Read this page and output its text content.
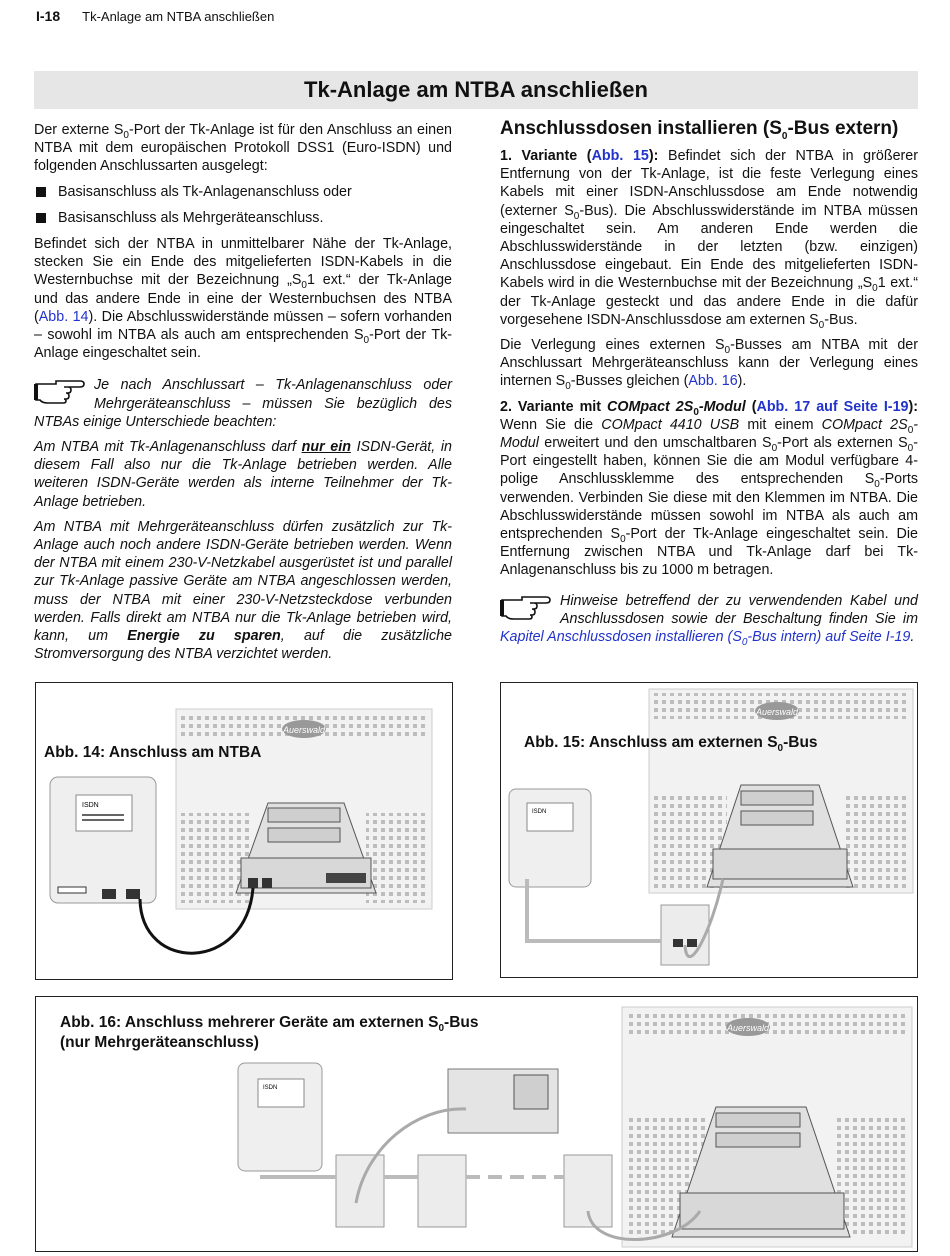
I-18 Tk-Anlage am NTBA anschließen
Tk-Anlage am NTBA anschließen

Der externe $S_0$-Port der Tk-Anlage ist für den Anschluss an einen NTBA mit dem europäischen Protokoll DSS1 (Euro-ISDN) und folgenden Anschlussarten ausgelegt:

Basisanschluss als Tk-Anlagenanschluss oder
Basisanschluss als Mehrgeräteanschluss.

Befindet sich der NTBA in unmittelbarer Nähe der Tk-Anlage, stecken Sie ein Ende des mitgelieferten ISDN-Kabels in die Westernbuchse mit der Bezeichnung $„S_01$ ext.“ der Tk-Anlage und das andere Ende in eine der Westernbuchsen des NTBA (Abb. 14). Die Abschlusswiderstände müssen – sofern vorhanden – sowohl im NTBA als auch am entsprechenden $S_0$-Port der Tk-Anlage eingeschaltet sein.

Je nach Anschlussart – Tk-Anlagenanschluss oder Mehrgeräteanschluss – müssen Sie bezüglich des NTBAs einige Unterschiede beachten:

Am NTBA mit Tk-Anlagenanschluss darf nur ein ISDN-Gerät, in diesem Fall also nur die Tk-Anlage betrieben werden. Alle weiteren ISDN-Geräte werden als interne Teilnehmer der Tk-Anlage betrieben.

Am NTBA mit Mehrgeräteanschluss dürfen zusätzlich zur Tk-Anlage auch noch andere ISDN-Geräte betrieben werden. Wenn der NTBA mit einem 230-V-Netzkabel ausgerüstet ist und parallel zur Tk-Anlage passive Geräte am NTBA angeschlossen werden, muss der NTBA mit einer 230-V-Netzsteckdose verbunden werden. Falls direkt am NTBA nur die Tk-Anlage betrieben wird, kann, um Energie zu sparen, auf die zusätzliche Stromversorgung des NTBA verzichtet werden.

Anschlussdosen installieren ($S_0$-Bus extern)

1. Variante (Abb. 15): Befindet sich der NTBA in größerer Entfernung von der Tk-Anlage, ist die feste Verlegung eines Kabels mit einer ISDN-Anschlussdose am Ende notwendig (externer $S_0-Bus$). Die Abschlusswiderstände im NTBA müssen eingeschaltet sein. Am anderen Ende werden die Abschlusswiderstände in der letzten (bzw. einzigen) Anschlussdose eingebaut. Ein Ende des mitgelieferten ISDN-Kabels wird in die Westernbuchse mit der Bezeichnung $„S_01$ ext.“ der Tk-Anlage gesteckt und das andere Ende in die dafür vorgesehene ISDN-Anschlussdose am externen $S_0$-Bus.

Die Verlegung eines externen $S_0$-Busses am NTBA mit der Anschlussart Mehrgeräteanschluss kann der Verlegung eines internen $S_0$-Busses gleichen (Abb. 16).

2. Variante mit COMpact $2S_0$-Modul (Abb. 17 auf Seite I-19): Wenn Sie die COMpact 4410 USB mit einem COMpact $2S_0$-Modul erweitert und den umschaltbaren $S_0$-Port als externen $S_0$-Port eingestellt haben, können Sie die am Modul verfügbare 4-polige Anschlussklemme des entsprechenden $S_0$-Ports verwenden. Verbinden Sie diese mit den Klemmen im NTBA. Die Abschlusswiderstände müssen sowohl im NTBA als auch am entsprechenden $S_0$-Port der Tk-Anlage eingeschaltet sein. Die Entfernung zwischen NTBA und Tk-Anlage darf bei Tk-Anlagenanschluss bis zu 1000 m betragen.

Hinweise betreffend der zu verwendenden Kabel und Anschlussdosen sowie der Beschaltung finden Sie im Kapitel Anschlussdosen installieren ($S_0$-Bus intern) auf Seite I-19.

Auerswald
ISDN
Abb. 14: Anschluss am NTBA
Auerswald
ISDN
Abb. 15: Anschluss am externen $S_0$-Bus
Auerswald
ISDN
Abb. 16: Anschluss mehrerer Geräte am externen $S_0$-Bus
(nur Mehrgeräteanschluss)
